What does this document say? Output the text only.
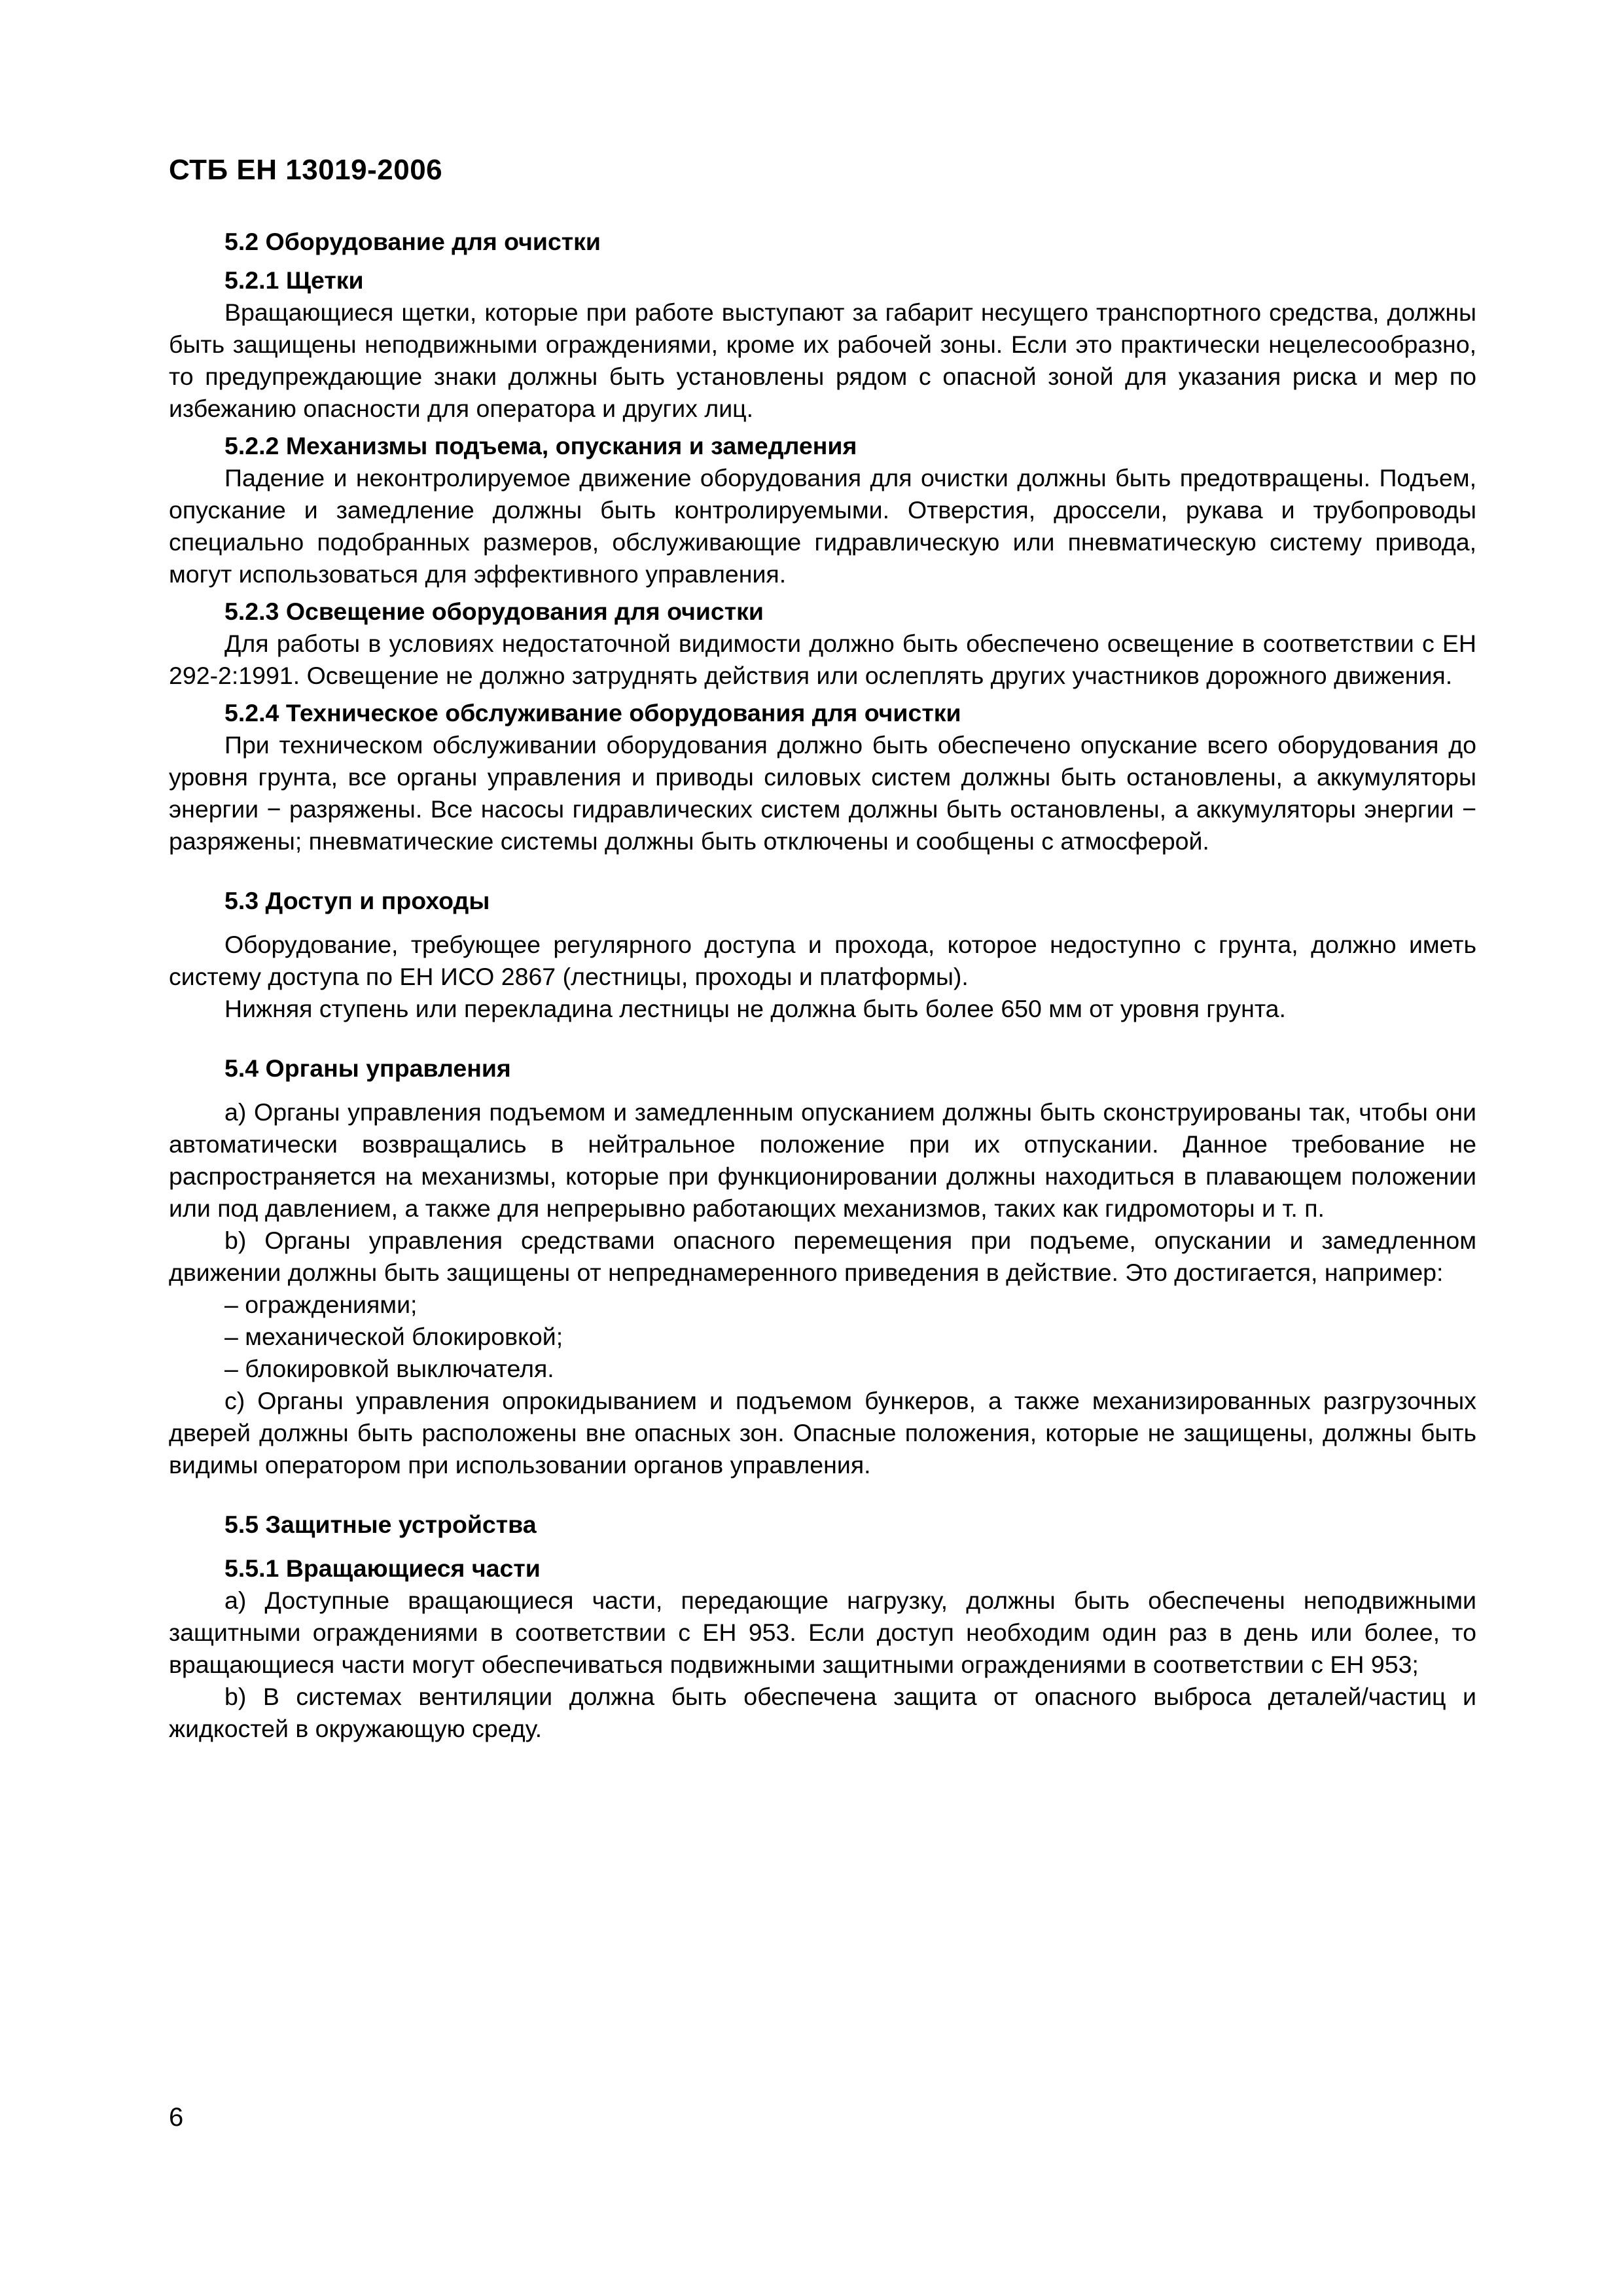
СТБ ЕН 13019-2006
5.2 Оборудование для очистки
5.2.1 Щетки

Вращающиеся щетки, которые при работе выступают за габарит несущего транспортного средства, должны быть защищены неподвижными ограждениями, кроме их рабочей зоны. Если это практически нецелесообразно, то предупреждающие знаки должны быть установлены рядом с опасной зоной для указания риска и мер по избежанию опасности для оператора и других лиц.

5.2.2 Механизмы подъема, опускания и замедления

Падение и неконтролируемое движение оборудования для очистки должны быть предотвращены. Подъем, опускание и замедление должны быть контролируемыми. Отверстия, дроссели, рукава и трубопроводы специально подобранных размеров, обслуживающие гидравлическую или пневматическую систему привода, могут использоваться для эффективного управления.

5.2.3 Освещение оборудования для очистки

Для работы в условиях недостаточной видимости должно быть обеспечено освещение в соответствии с ЕН 292-2:1991. Освещение не должно затруднять действия или ослеплять других участников дорожного движения.

5.2.4 Техническое обслуживание оборудования для очистки

При техническом обслуживании оборудования должно быть обеспечено опускание всего оборудования до уровня грунта, все органы управления и приводы силовых систем должны быть остановлены, а аккумуляторы энергии − разряжены. Все насосы гидравлических систем должны быть остановлены, а аккумуляторы энергии − разряжены; пневматические системы должны быть отключены и сообщены с атмосферой.

5.3 Доступ и проходы

Оборудование, требующее регулярного доступа и прохода, которое недоступно с грунта, должно иметь систему доступа по ЕН ИСО 2867 (лестницы, проходы и платформы).

Нижняя ступень или перекладина лестницы не должна быть более 650 мм от уровня грунта.

5.4 Органы управления

а) Органы управления подъемом и замедленным опусканием должны быть сконструированы так, чтобы они автоматически возвращались в нейтральное положение при их отпускании. Данное требование не распространяется на механизмы, которые при функционировании должны находиться в плавающем положении или под давлением, а также для непрерывно работающих механизмов, таких как гидромоторы и т. п.

b) Органы управления средствами опасного перемещения при подъеме, опускании и замедленном движении должны быть защищены от непреднамеренного приведения в действие. Это достигается, например:

– ограждениями;
– механической блокировкой;
– блокировкой выключателя.

c) Органы управления опрокидыванием и подъемом бункеров, а также механизированных разгрузочных дверей должны быть расположены вне опасных зон. Опасные положения, которые не защищены, должны быть видимы оператором при использовании органов управления.

5.5 Защитные устройства
5.5.1 Вращающиеся части

а) Доступные вращающиеся части, передающие нагрузку, должны быть обеспечены неподвижными защитными ограждениями в соответствии с ЕН 953. Если доступ необходим один раз в день или более, то вращающиеся части могут обеспечиваться подвижными защитными ограждениями в соответствии с ЕН 953;

b) В системах вентиляции должна быть обеспечена защита от опасного выброса деталей/частиц и жидкостей в окружающую среду.

6
